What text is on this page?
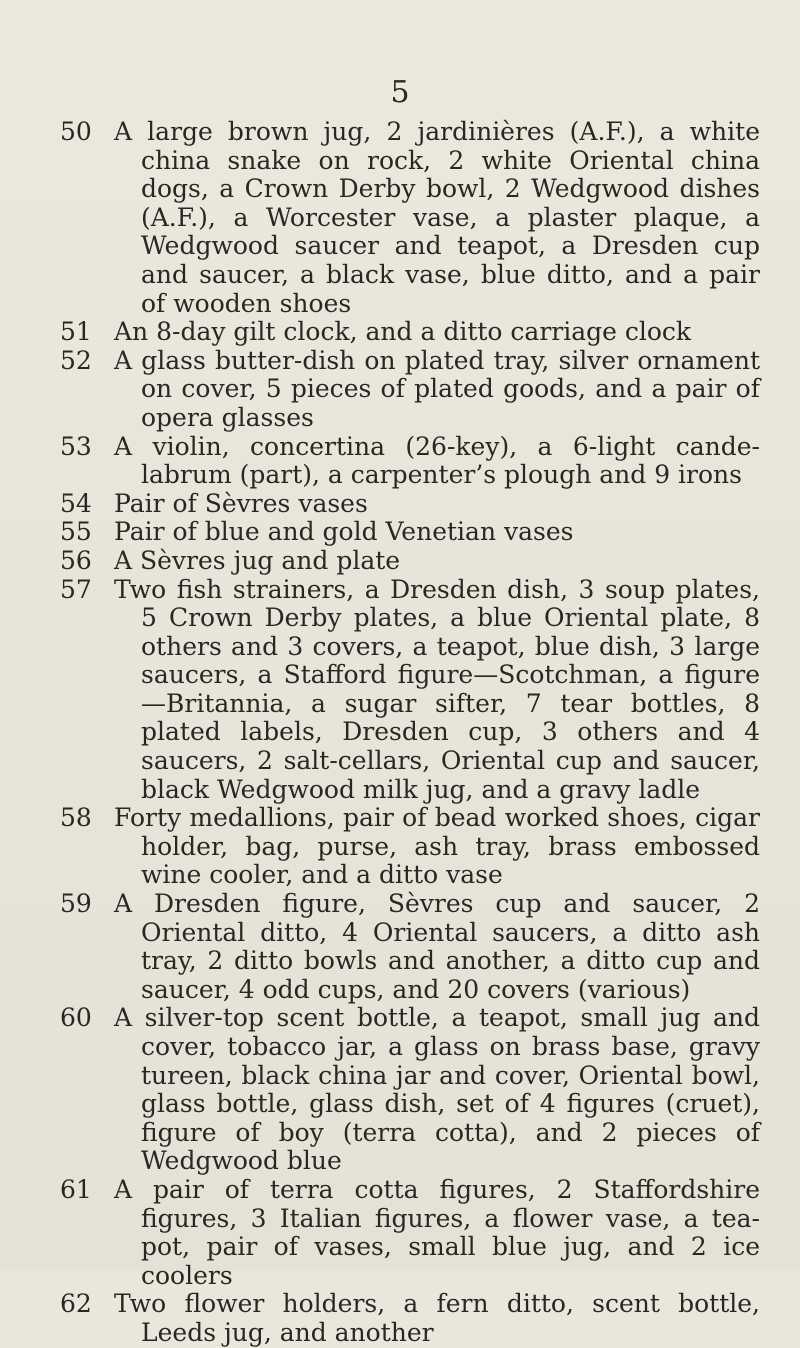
5
50 A large brown jug, 2 jardinières (A.F.), a white china snake on rock, 2 white Oriental china dogs, a Crown Derby bowl, 2 Wedgwood dishes (A.F.), a Worcester vase, a plaster plaque, a Wedgwood saucer and teapot, a Dresden cup and saucer, a black vase, blue ditto, and a pair of wooden shoes
51 An 8-day gilt clock, and a ditto carriage clock
52 A glass butter-dish on plated tray, silver ornament on cover, 5 pieces of plated goods, and a pair of opera glasses
53 A violin, concertina (26-key), a 6-light cande-labrum (part), a carpenter’s plough and 9 irons
54 Pair of Sèvres vases
55 Pair of blue and gold Venetian vases
56 A Sèvres jug and plate
57 Two fish strainers, a Dresden dish, 3 soup plates, 5 Crown Derby plates, a blue Oriental plate, 8 others and 3 covers, a teapot, blue dish, 3 large saucers, a Stafford figure—Scotchman, a figure—Britannia, a sugar sifter, 7 tear bottles, 8 plated labels, Dresden cup, 3 others and 4 saucers, 2 salt-cellars, Oriental cup and saucer, black Wedgwood milk jug, and a gravy ladle
58 Forty medallions, pair of bead worked shoes, cigar holder, bag, purse, ash tray, brass embossed wine cooler, and a ditto vase
59 A Dresden figure, Sèvres cup and saucer, 2 Oriental ditto, 4 Oriental saucers, a ditto ash tray, 2 ditto bowls and another, a ditto cup and saucer, 4 odd cups, and 20 covers (various)
60 A silver-top scent bottle, a teapot, small jug and cover, tobacco jar, a glass on brass base, gravy tureen, black china jar and cover, Oriental bowl, glass bottle, glass dish, set of 4 figures (cruet), figure of boy (terra cotta), and 2 pieces of Wedgwood blue
61 A pair of terra cotta figures, 2 Staffordshire figures, 3 Italian figures, a flower vase, a tea-pot, pair of vases, small blue jug, and 2 ice coolers
62 Two flower holders, a fern ditto, scent bottle, Leeds jug, and another
